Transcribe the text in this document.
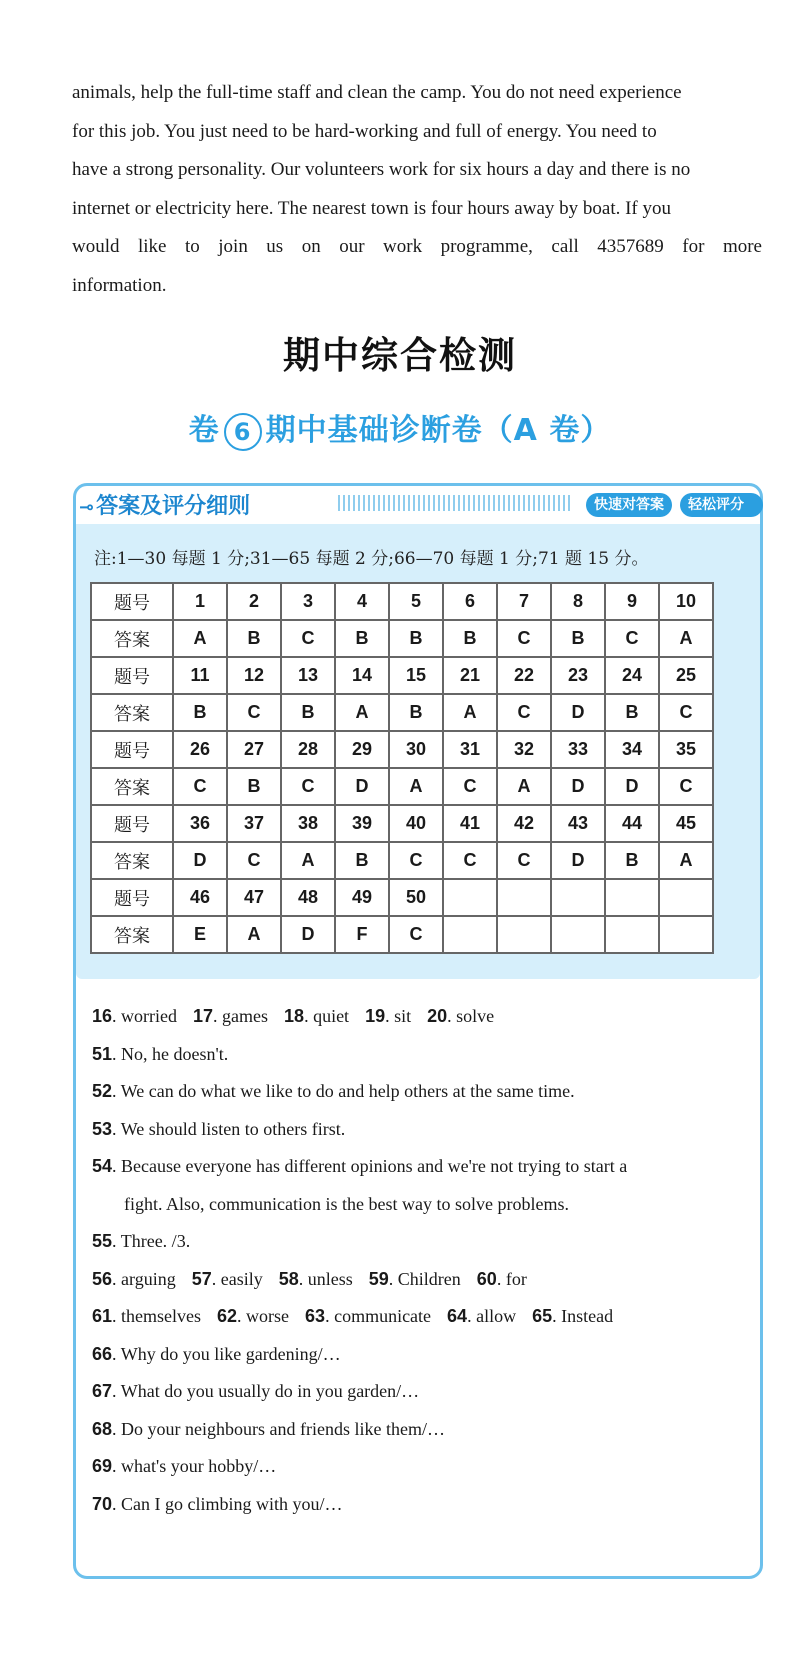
animals, help the full-time staff and clean the camp. You do not need experience

for this job. You just need to be hard-working and full of energy. You need to

have a strong personality. Our volunteers work for six hours a day and there is no

internet or electricity here. The nearest town is four hours away by boat. If you

would like to join us on our work programme, call 4357689 for more

information.

期中综合检测
卷 6 期中基础诊断卷（A 卷）
⊸答案及评分细则	快速对答案	轻松评分
注:1—30 每题 1 分;31—65 每题 2 分;66—70 每题 1 分;71 题 15 分。
题号	1	2	3	4	5	6	7	8	9	10
答案	A	B	C	B	B	B	C	B	C	A
题号	11	12	13	14	15	21	22	23	24	25
答案	B	C	B	A	B	A	C	D	B	C
题号	26	27	28	29	30	31	32	33	34	35
答案	C	B	C	D	A	C	A	D	D	C
题号	36	37	38	39	40	41	42	43	44	45
答案	D	C	A	B	C	C	C	D	B	A
题号	46	47	48	49	50					
答案	E	A	D	F	C					
16. worried 17. games 18. quiet 19. sit 20. solve
51. No, he doesn't.
52. We can do what we like to do and help others at the same time.
53. We should listen to others first.
54. Because everyone has different opinions and we're not trying to start a
fight. Also, communication is the best way to solve problems.
55. Three. /3.
56. arguing 57. easily 58. unless 59. Children 60. for
61. themselves 62. worse 63. communicate 64. allow 65. Instead
66. Why do you like gardening/…
67. What do you usually do in you garden/…
68. Do your neighbours and friends like them/…
69. what's your hobby/…
70. Can I go climbing with you/…
